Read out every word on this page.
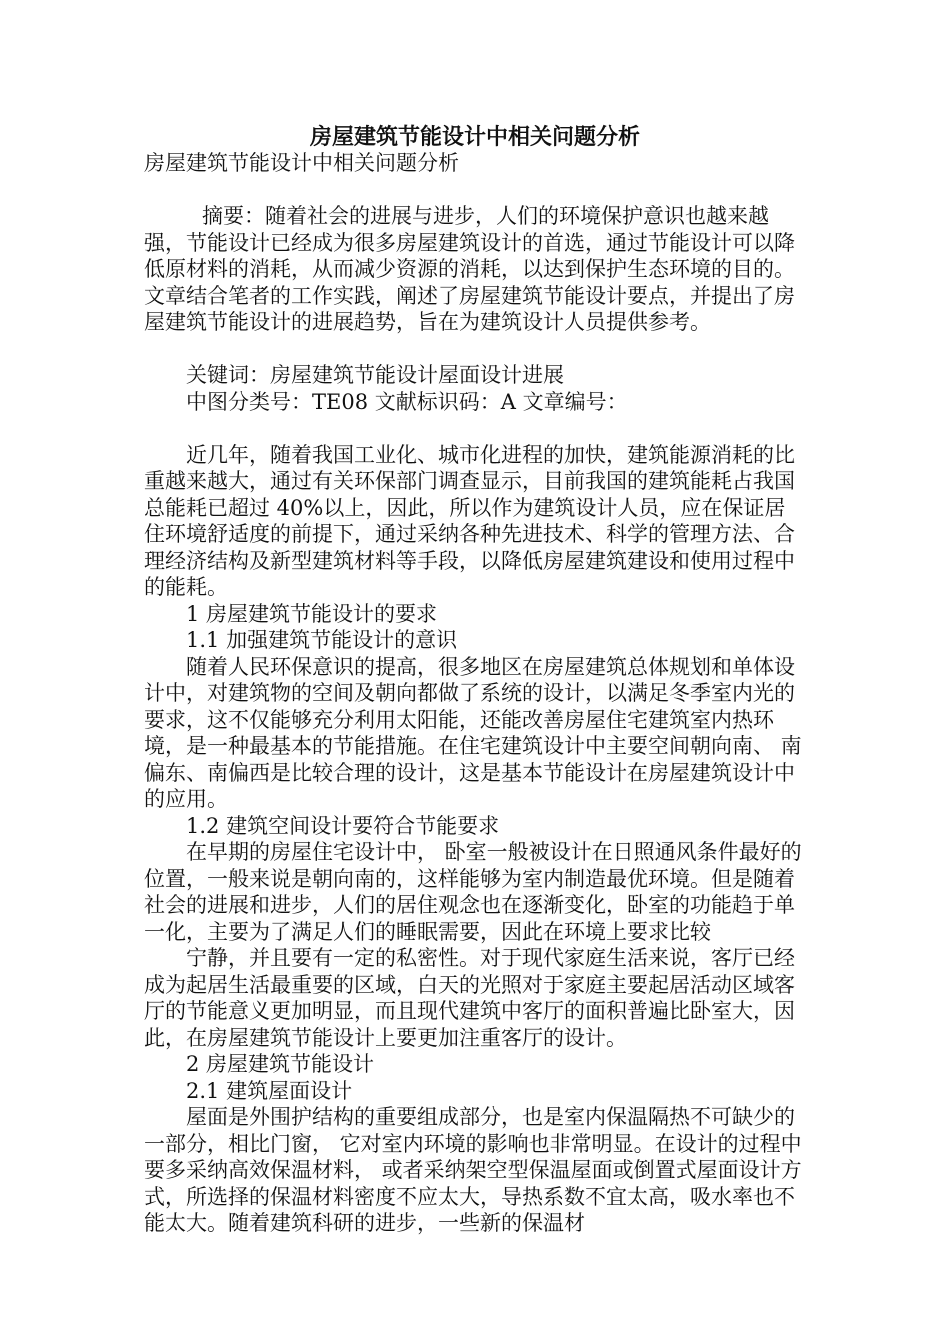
房屋建筑节能设计中相关问题分析

房屋建筑节能设计中相关问题分析

摘要：随着社会的进展与进步，人们的环境保护意识也越来越强，节能设计已经成为很多房屋建筑设计的首选，通过节能设计可以降低原材料的消耗，从而减少资源的消耗，以达到保护生态环境的目的。文章结合笔者的工作实践，阐述了房屋建筑节能设计要点，并提出了房屋建筑节能设计的进展趋势，旨在为建筑设计人员提供参考。

关键词：房屋建筑节能设计屋面设计进展

中图分类号：TE08 文献标识码：A 文章编号：

近几年，随着我国工业化、城市化进程的加快，建筑能源消耗的比重越来越大，通过有关环保部门调查显示，目前我国的建筑能耗占我国总能耗已超过 40%以上，因此，所以作为建筑设计人员，应在保证居住环境舒适度的前提下，通过采纳各种先进技术、科学的管理方法、合理经济结构及新型建筑材料等手段，以降低房屋建筑建设和使用过程中的能耗。

1 房屋建筑节能设计的要求

1.1 加强建筑节能设计的意识

随着人民环保意识的提高，很多地区在房屋建筑总体规划和单体设计中，对建筑物的空间及朝向都做了系统的设计，以满足冬季室内光的要求，这不仅能够充分利用太阳能，还能改善房屋住宅建筑室内热环境，是一种最基本的节能措施。在住宅建筑设计中主要空间朝向南、 南偏东、南偏西是比较合理的设计，这是基本节能设计在房屋建筑设计中的应用。

1.2 建筑空间设计要符合节能要求

在早期的房屋住宅设计中， 卧室一般被设计在日照通风条件最好的位置，一般来说是朝向南的，这样能够为室内制造最优环境。但是随着社会的进展和进步，人们的居住观念也在逐渐变化，卧室的功能趋于单一化，主要为了满足人们的睡眠需要，因此在环境上要求比较

宁静，并且要有一定的私密性。对于现代家庭生活来说，客厅已经成为起居生活最重要的区域，白天的光照对于家庭主要起居活动区域客厅的节能意义更加明显，而且现代建筑中客厅的面积普遍比卧室大，因此，在房屋建筑节能设计上要更加注重客厅的设计。

2 房屋建筑节能设计

2.1 建筑屋面设计

屋面是外围护结构的重要组成部分，也是室内保温隔热不可缺少的一部分，相比门窗， 它对室内环境的影响也非常明显。在设计的过程中要多采纳高效保温材料， 或者采纳架空型保温屋面或倒置式屋面设计方式，所选择的保温材料密度不应太大，导热系数不宜太高，吸水率也不能太大。随着建筑科研的进步，一些新的保温材
